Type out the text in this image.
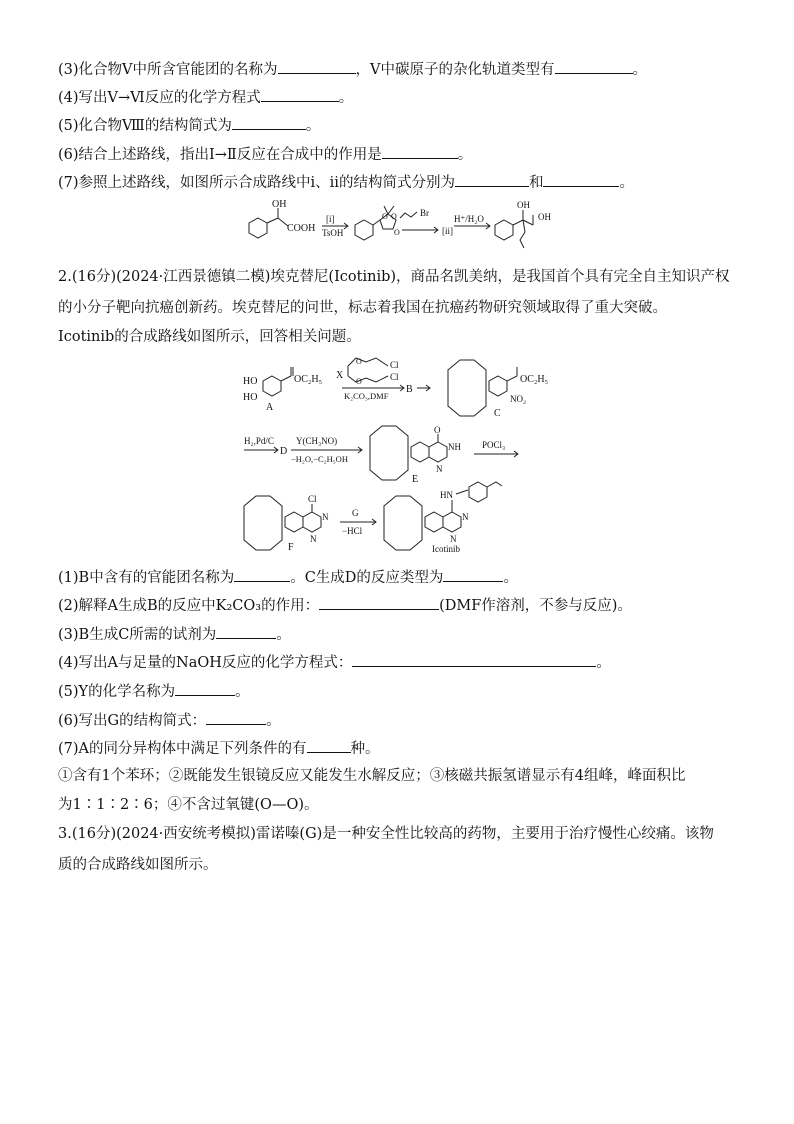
(3)化合物Ⅴ中所含官能团的名称为	，Ⅴ中碳原子的杂化轨道类型有	。
(4)写出Ⅴ→Ⅵ反应的化学方程式	。
(5)化合物Ⅷ的结构简式为	。
(6)结合上述路线，指出Ⅰ→Ⅱ反应在合成中的作用是	。
(7)参照上述路线，如图所示合成路线中ⅰ、ⅱ的结构简式分别为	和	。
OH
COOH
[i]
TsOH
O O
O
Br
[ii]
H⁺/H₂O
OH
OH
2.(16分)(2024·江西景德镇二模)埃克替尼(Icotinib)，商品名凯美纳，是我国首个具有完全自主知识产权
的小分子靶向抗癌创新药。埃克替尼的问世，标志着我国在抗癌药物研究领域取得了重大突破。
Icotinib的合成路线如图所示，回答相关问题。
HO
HO
OC₂H₅
A
X
O
O
Cl
Cl
K₂CO₃,DMF
B
OC₂H₅
NO₂
C
H₂,Pd/C
D
Y(CH₃NO)
−H₂O,−C₂H₅OH
O
NH
N
E
POCl₃
Cl
N
N
F
G
−HCl
HN
N
N
Icotinib
(1)B中含有的官能团名称为	。C生成D的反应类型为	。
(2)解释A生成B的反应中K₂CO₃的作用：	(DMF作溶剂，不参与反应)。
(3)B生成C所需的试剂为	。
(4)写出A与足量的NaOH反应的化学方程式：	。
(5)Y的化学名称为	。
(6)写出G的结构简式：	。
(7)A的同分异构体中满足下列条件的有	种。
①含有1个苯环；②既能发生银镜反应又能发生水解反应；③核磁共振氢谱显示有4组峰，峰面积比
为1∶1∶2∶6；④不含过氧键(O—O)。
3.(16分)(2024·西安统考模拟)雷诺嗪(G)是一种安全性比较高的药物，主要用于治疗慢性心绞痛。该物
质的合成路线如图所示。
